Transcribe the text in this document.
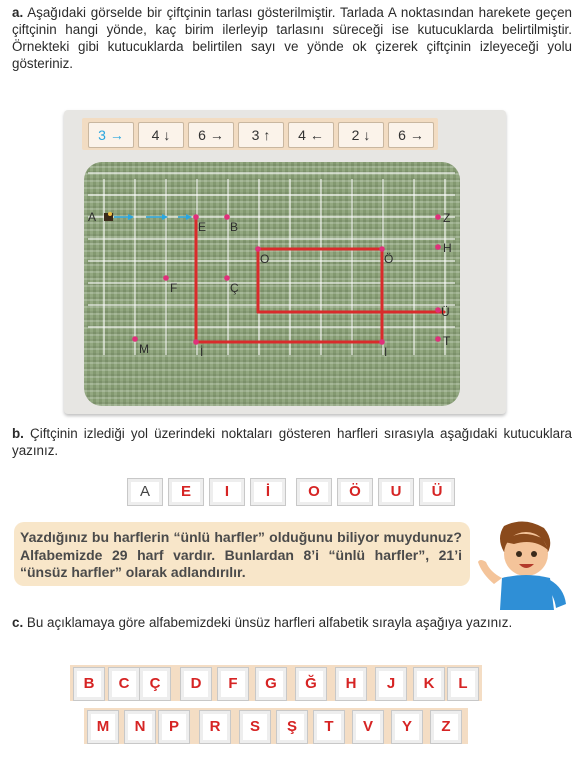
a. Aşağıdaki görselde bir çiftçinin tarlası gösterilmiştir. Tarlada A noktasından harekete geçen çiftçinin hangi yönde, kaç birim ilerleyip tarlasını süreceği ise kutucuklarda belirtilmiştir. Örnekteki gibi kutucuklarda belirtilen sayı ve yönde ok çizerek çiftçinin izleyeceği yolu gösteriniz.
3 →	4 ↓	6 →	3 ↑	4 ←	2 ↓	6 →
A
E B
Z
H
O	Ö
F	Ç
Ü
M	İ	I
T
b. Çiftçinin izlediği yol üzerindeki noktaları gösteren harfleri sırasıyla aşağıdaki kutucuklara yazınız.
A	E	I	İ	O	Ö	U	Ü

Yazdığınız bu harflerin “ünlü harfler” olduğunu biliyor muydunuz? Alfabemizde 29 harf vardır. Bunlardan 8’i “ünlü harfler”, 21’i “ünsüz harfler” olarak adlandırılır.

c. Bu açıklamaya göre alfabemizdeki ünsüz harfleri alfabetik sırayla aşağıya yazınız.
B	C	Ç	D	F	G	Ğ	H	J	K	L
M	N	P	R	S	Ş	T	V	Y	Z
